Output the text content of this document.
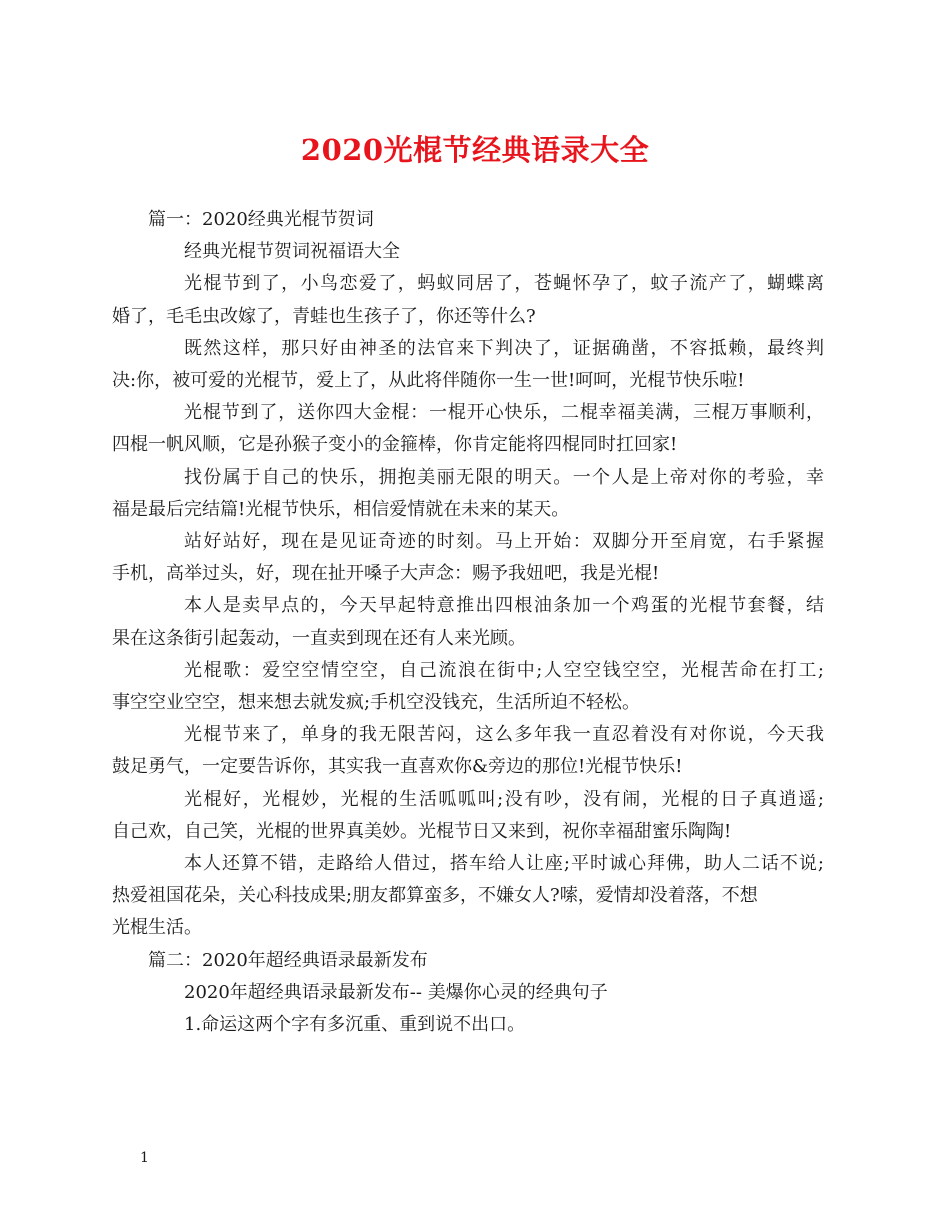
2020光棍节经典语录大全
篇一：2020经典光棍节贺词
经典光棍节贺词祝福语大全
光棍节到了，小鸟恋爱了，蚂蚁同居了，苍蝇怀孕了，蚊子流产了，蝴蝶离
婚了，毛毛虫改嫁了，青蛙也生孩子了，你还等什么?
既然这样，那只好由神圣的法官来下判决了，证据确凿，不容抵赖，最终判
决:你，被可爱的光棍节，爱上了，从此将伴随你一生一世!呵呵，光棍节快乐啦!
光棍节到了，送你四大金棍：一棍开心快乐，二棍幸福美满，三棍万事顺利，
四棍一帆风顺，它是孙猴子变小的金箍棒，你肯定能将四棍同时扛回家!
找份属于自己的快乐，拥抱美丽无限的明天。一个人是上帝对你的考验，幸
福是最后完结篇!光棍节快乐，相信爱情就在未来的某天。
站好站好，现在是见证奇迹的时刻。马上开始：双脚分开至肩宽，右手紧握
手机，高举过头，好，现在扯开嗓子大声念：赐予我妞吧，我是光棍!
本人是卖早点的，今天早起特意推出四根油条加一个鸡蛋的光棍节套餐，结
果在这条街引起轰动，一直卖到现在还有人来光顾。
光棍歌：爱空空情空空，自己流浪在街中;人空空钱空空，光棍苦命在打工;
事空空业空空，想来想去就发疯;手机空没钱充，生活所迫不轻松。
光棍节来了，单身的我无限苦闷，这么多年我一直忍着没有对你说，今天我
鼓足勇气，一定要告诉你，其实我一直喜欢你&旁边的那位!光棍节快乐!
光棍好，光棍妙，光棍的生活呱呱叫;没有吵，没有闹，光棍的日子真逍遥;
自己欢，自己笑，光棍的世界真美妙。光棍节日又来到，祝你幸福甜蜜乐陶陶!
本人还算不错，走路给人借过，搭车给人让座;平时诚心拜佛，助人二话不说;
热爱祖国花朵，关心科技成果;朋友都算蛮多，不嫌女人?嗦，爱情却没着落，不想
光棍生活。
篇二：2020年超经典语录最新发布
2020年超经典语录最新发布-- 美爆你心灵的经典句子
1.命运这两个字有多沉重、重到说不出口。
1
